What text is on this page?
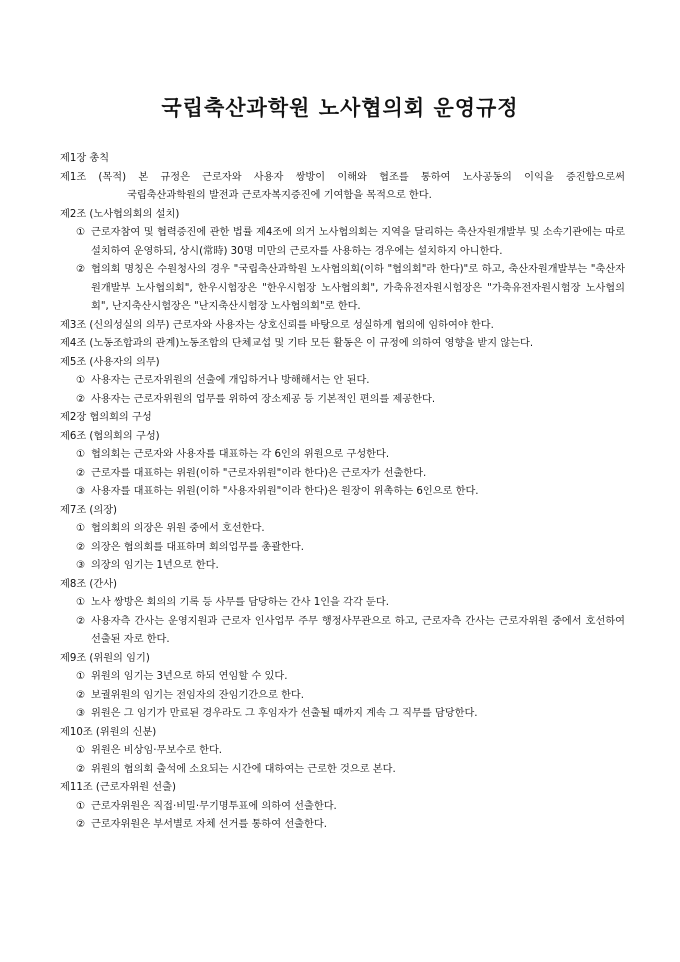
국립축산과학원 노사협의회 운영규정
제1장 총칙
제1조 (목적) 본 규정은 근로자와 사용자 쌍방이 이해와 협조를 통하여 노사공동의 이익을 증진함으로써
국립축산과학원의 발전과 근로자복지증진에 기여함을 목적으로 한다.
제2조 (노사협의회의 설치)
① 근로자참여 및 협력증진에 관한 법률 제4조에 의거 노사협의회는 지역을 달리하는 축산자원개발부 및 소속기관에는 따로 설치하여 운영하되, 상시(常時) 30명 미만의 근로자를 사용하는 경우에는 설치하지 아니한다.
② 협의회 명칭은 수원청사의 경우 "국립축산과학원 노사협의회(이하 "협의회"라 한다)"로 하고, 축산자원개발부는 "축산자원개발부 노사협의회", 한우시험장은 "한우시험장 노사협의회", 가축유전자원시험장은 "가축유전자원시험장 노사협의회", 난지축산시험장은 "난지축산시험장 노사협의회"로 한다.
제3조 (신의성실의 의무) 근로자와 사용자는 상호신뢰를 바탕으로 성실하게 협의에 임하여야 한다.
제4조 (노동조합과의 관계) 노동조합의 단체교섭 및 기타 모든 활동은 이 규정에 의하여 영향을 받지 않는다.
제5조 (사용자의 의무)
① 사용자는 근로자위원의 선출에 개입하거나 방해해서는 안 된다.
② 사용자는 근로자위원의 업무를 위하여 장소제공 등 기본적인 편의를 제공한다.
제2장 협의회의 구성
제6조 (협의회의 구성)
① 협의회는 근로자와 사용자를 대표하는 각 6인의 위원으로 구성한다.
② 근로자를 대표하는 위원(이하 "근로자위원"이라 한다)은 근로자가 선출한다.
③ 사용자를 대표하는 위원(이하 "사용자위원"이라 한다)은 원장이 위촉하는 6인으로 한다.
제7조 (의장)
① 협의회의 의장은 위원 중에서 호선한다.
② 의장은 협의회를 대표하며 회의업무를 총괄한다.
③ 의장의 임기는 1년으로 한다.
제8조 (간사)
① 노사 쌍방은 회의의 기록 등 사무를 담당하는 간사 1인을 각각 둔다.
② 사용자측 간사는 운영지원과 근로자 인사업무 주무 행정사무관으로 하고, 근로자측 간사는 근로자위원 중에서 호선하여 선출된 자로 한다.
제9조 (위원의 임기)
① 위원의 임기는 3년으로 하되 연임할 수 있다.
② 보궐위원의 임기는 전임자의 잔임기간으로 한다.
③ 위원은 그 임기가 만료된 경우라도 그 후임자가 선출될 때까지 계속 그 직무를 담당한다.
제10조 (위원의 신분)
① 위원은 비상임·무보수로 한다.
② 위원의 협의회 출석에 소요되는 시간에 대하여는 근로한 것으로 본다.
제11조 (근로자위원 선출)
① 근로자위원은 직접·비밀·무기명투표에 의하여 선출한다.
② 근로자위원은 부서별로 자체 선거를 통하여 선출한다.
